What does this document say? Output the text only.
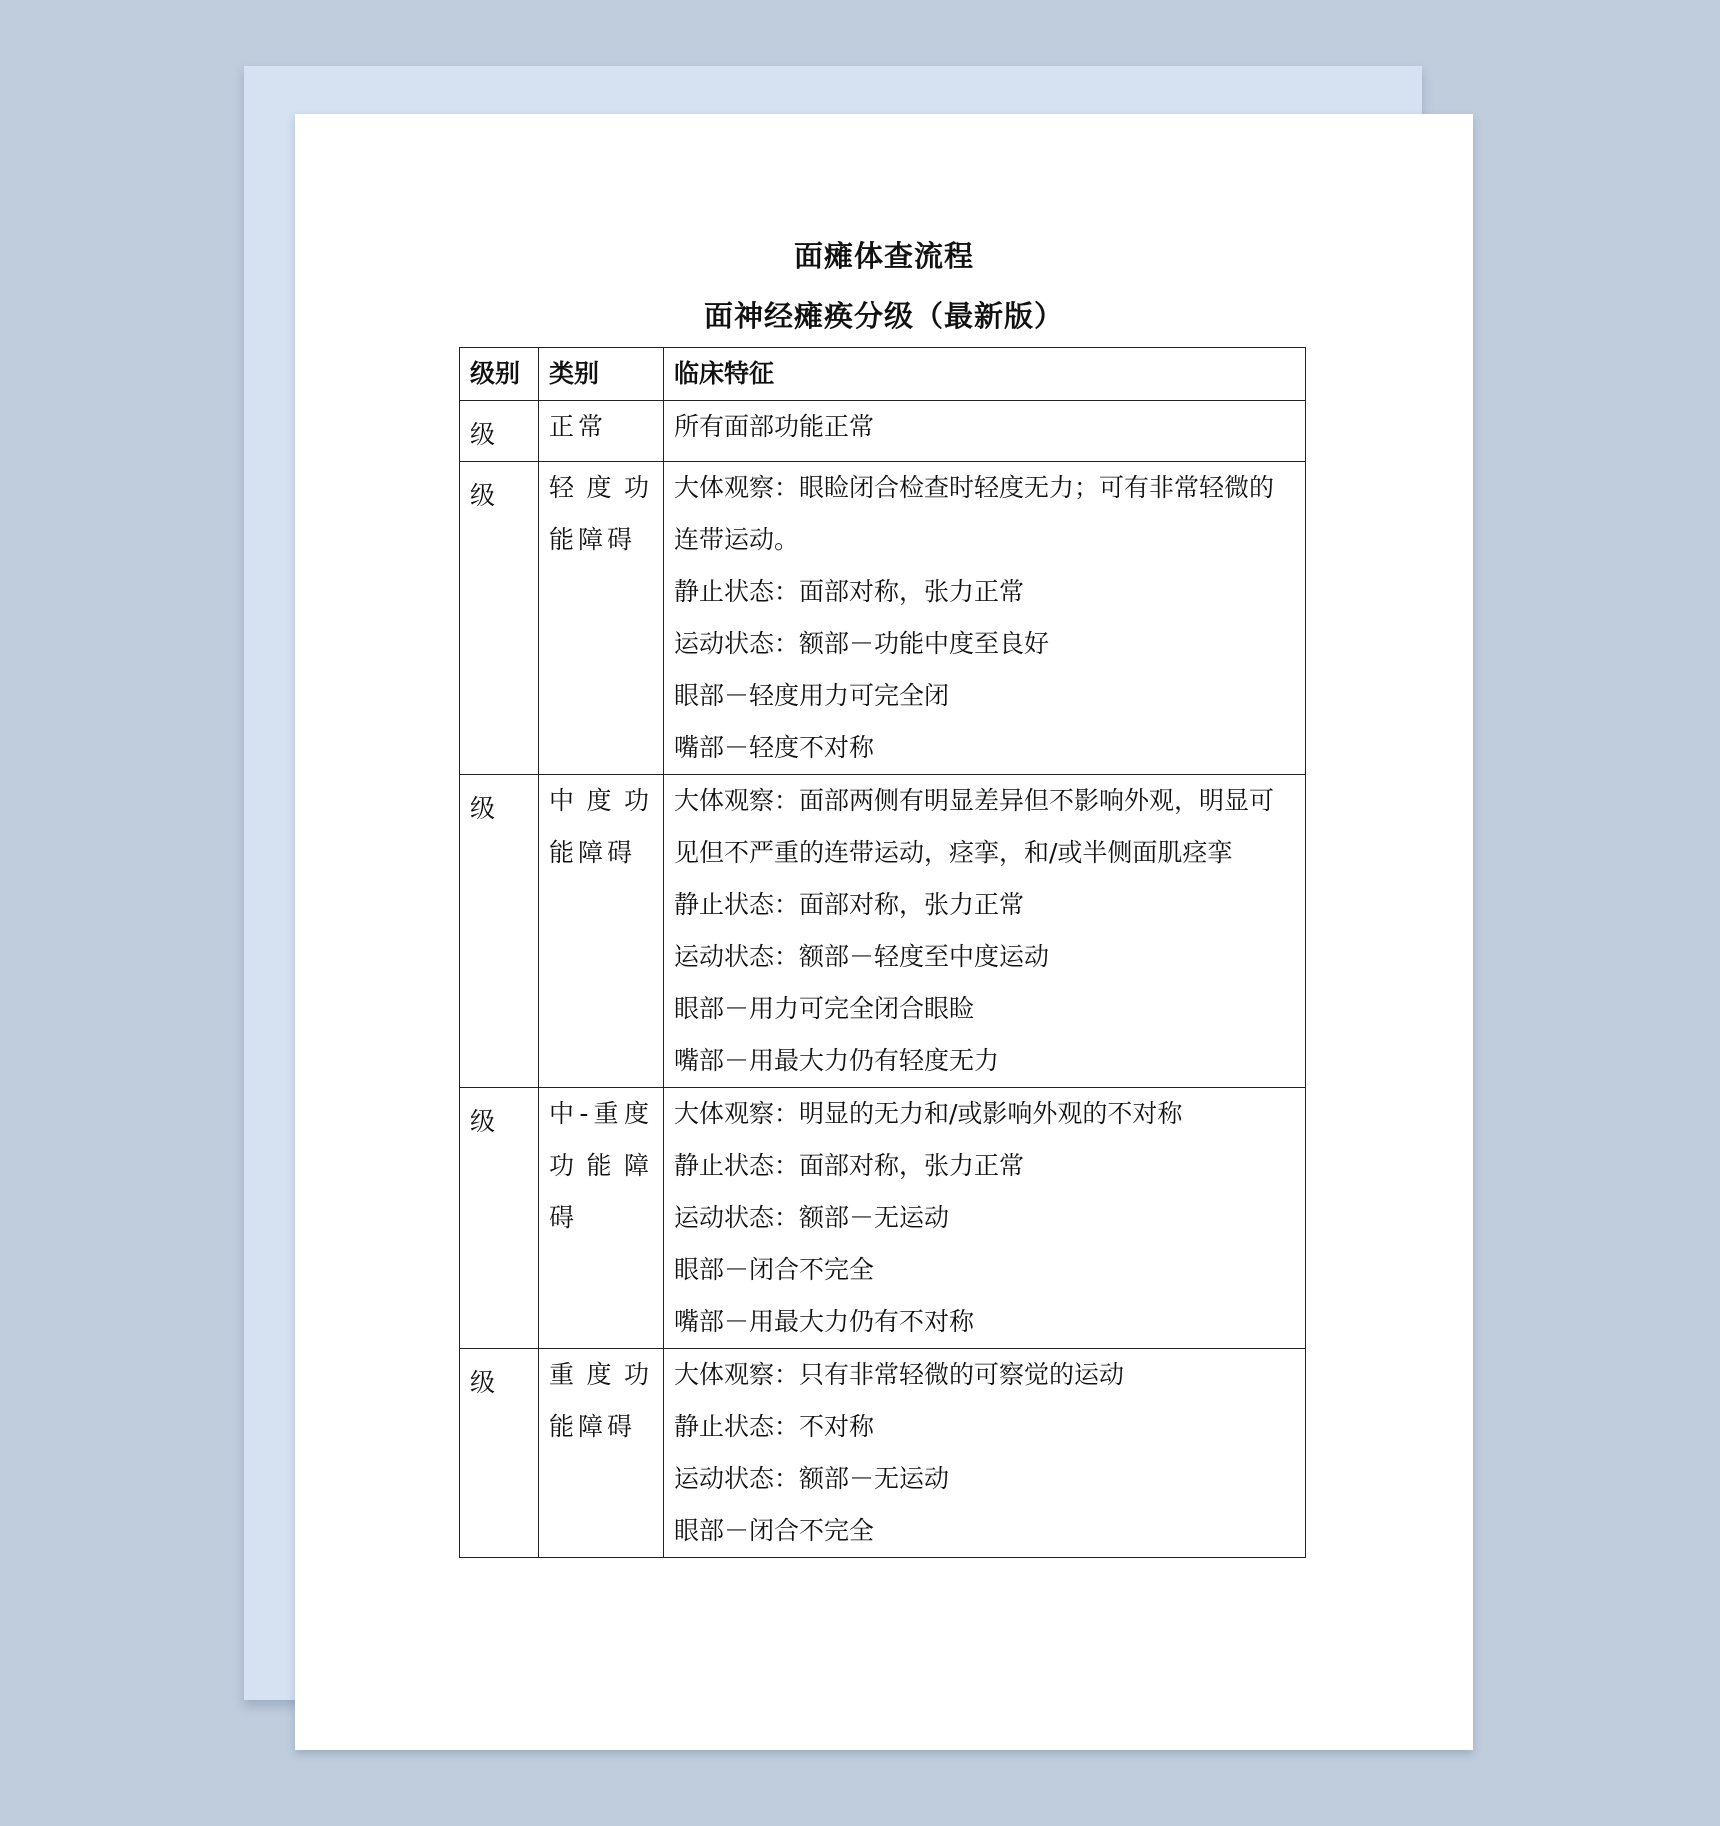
面瘫体查流程
面神经瘫痪分级（最新版）
级别	类别	临床特征
级	正常	所有面部功能正常

级	轻度功能障碍	大体观察：眼睑闭合检查时轻度无力；可有非常轻微的连带运动。
静止状态：面部对称，张力正常
运动状态：额部－功能中度至良好
眼部－轻度用力可完全闭
嘴部－轻度不对称

级	中度功能障碍	大体观察：面部两侧有明显差异但不影响外观，明显可见但不严重的连带运动，痉挛，和/或半侧面肌痉挛
静止状态：面部对称，张力正常
运动状态：额部－轻度至中度运动
眼部－用力可完全闭合眼睑
嘴部－用最大力仍有轻度无力

级	中-重度功能障碍	大体观察：明显的无力和/或影响外观的不对称
静止状态：面部对称，张力正常
运动状态：额部－无运动
眼部－闭合不完全
嘴部－用最大力仍有不对称

级	重度功能障碍	大体观察：只有非常轻微的可察觉的运动
静止状态：不对称
运动状态：额部－无运动
眼部－闭合不完全
